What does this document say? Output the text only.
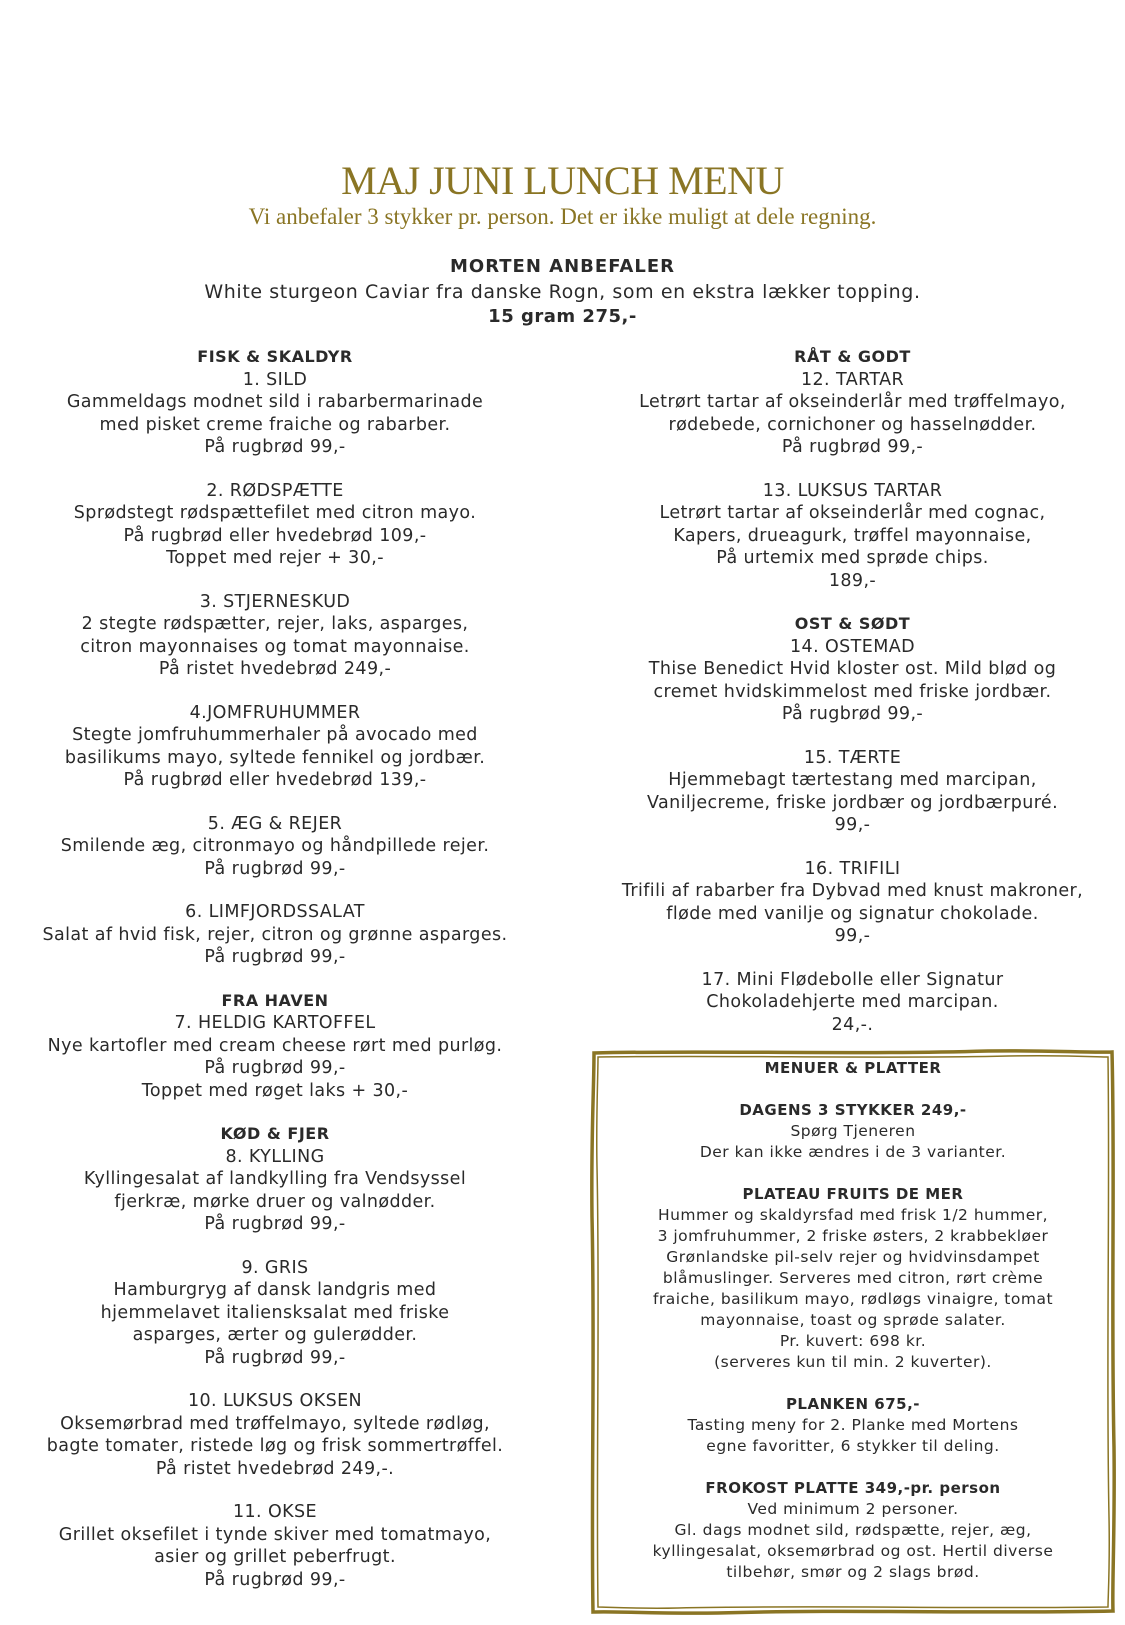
MAJ JUNI LUNCH MENU
Vi anbefaler 3 stykker pr. person. Det er ikke muligt at dele regning.
MORTEN ANBEFALER
White sturgeon Caviar fra danske Rogn, som en ekstra lækker topping.
15 gram 275,-
FISK & SKALDYR
1. SILD
Gammeldags modnet sild i rabarbermarinade
med pisket creme fraiche og rabarber.
På rugbrød 99,-
2. RØDSPÆTTE
Sprødstegt rødspættefilet med citron mayo.
På rugbrød eller hvedebrød 109,-
Toppet med rejer + 30,-
3. STJERNESKUD
2 stegte rødspætter, rejer, laks, asparges,
citron mayonnaises og tomat mayonnaise.
På ristet hvedebrød 249,-
4.JOMFRUHUMMER
Stegte jomfruhummerhaler på avocado med
basilikums mayo, syltede fennikel og jordbær.
På rugbrød eller hvedebrød 139,-
5. ÆG & REJER
Smilende æg, citronmayo og håndpillede rejer.
På rugbrød 99,-
6. LIMFJORDSSALAT
Salat af hvid fisk, rejer, citron og grønne asparges.
På rugbrød 99,-
FRA HAVEN
7. HELDIG KARTOFFEL
Nye kartofler med cream cheese rørt med purløg.
På rugbrød 99,-
Toppet med røget laks + 30,-
KØD & FJER
8. KYLLING
Kyllingesalat af landkylling fra Vendsyssel
fjerkræ, mørke druer og valnødder.
På rugbrød 99,-
9. GRIS
Hamburgryg af dansk landgris med
hjemmelavet italiensksalat med friske
asparges, ærter og gulerødder.
På rugbrød 99,-
10. LUKSUS OKSEN
Oksemørbrad med trøffelmayo, syltede rødløg,
bagte tomater, ristede løg og frisk sommertrøffel.
På ristet hvedebrød 249,-.
11. OKSE
Grillet oksefilet i tynde skiver med tomatmayo,
asier og grillet peberfrugt.
På rugbrød 99,-
RÅT & GODT
12. TARTAR
Letrørt tartar af okseinderlår med trøffelmayo,
rødebede, cornichoner og hasselnødder.
På rugbrød 99,-
13. LUKSUS TARTAR
Letrørt tartar af okseinderlår med cognac,
Kapers, drueagurk, trøffel mayonnaise,
På urtemix med sprøde chips.
189,-
OST & SØDT
14. OSTEMAD
Thise Benedict Hvid kloster ost. Mild blød og
cremet hvidskimmelost med friske jordbær.
På rugbrød 99,-
15. TÆRTE
Hjemmebagt tærtestang med marcipan,
Vaniljecreme, friske jordbær og jordbærpuré.
99,-
16. TRIFILI
Trifili af rabarber fra Dybvad med knust makroner,
fløde med vanilje og signatur chokolade.
99,-
17. Mini Flødebolle eller Signatur
Chokoladehjerte med marcipan.
24,-.
MENUER & PLATTER
DAGENS 3 STYKKER 249,-
Spørg Tjeneren
Der kan ikke ændres i de 3 varianter.
PLATEAU FRUITS DE MER
Hummer og skaldyrsfad med frisk 1/2 hummer,
3 jomfruhummer, 2 friske østers, 2 krabbekløer
Grønlandske pil-selv rejer og hvidvinsdampet
blåmuslinger. Serveres med citron, rørt crème
fraiche, basilikum mayo, rødløgs vinaigre, tomat
mayonnaise, toast og sprøde salater.
Pr. kuvert: 698 kr.
(serveres kun til min. 2 kuverter).
PLANKEN 675,-
Tasting meny for 2. Planke med Mortens
egne favoritter, 6 stykker til deling.
FROKOST PLATTE 349,-pr. person
Ved minimum 2 personer.
Gl. dags modnet sild, rødspætte, rejer, æg,
kyllingesalat, oksemørbrad og ost. Hertil diverse
tilbehør, smør og 2 slags brød.
